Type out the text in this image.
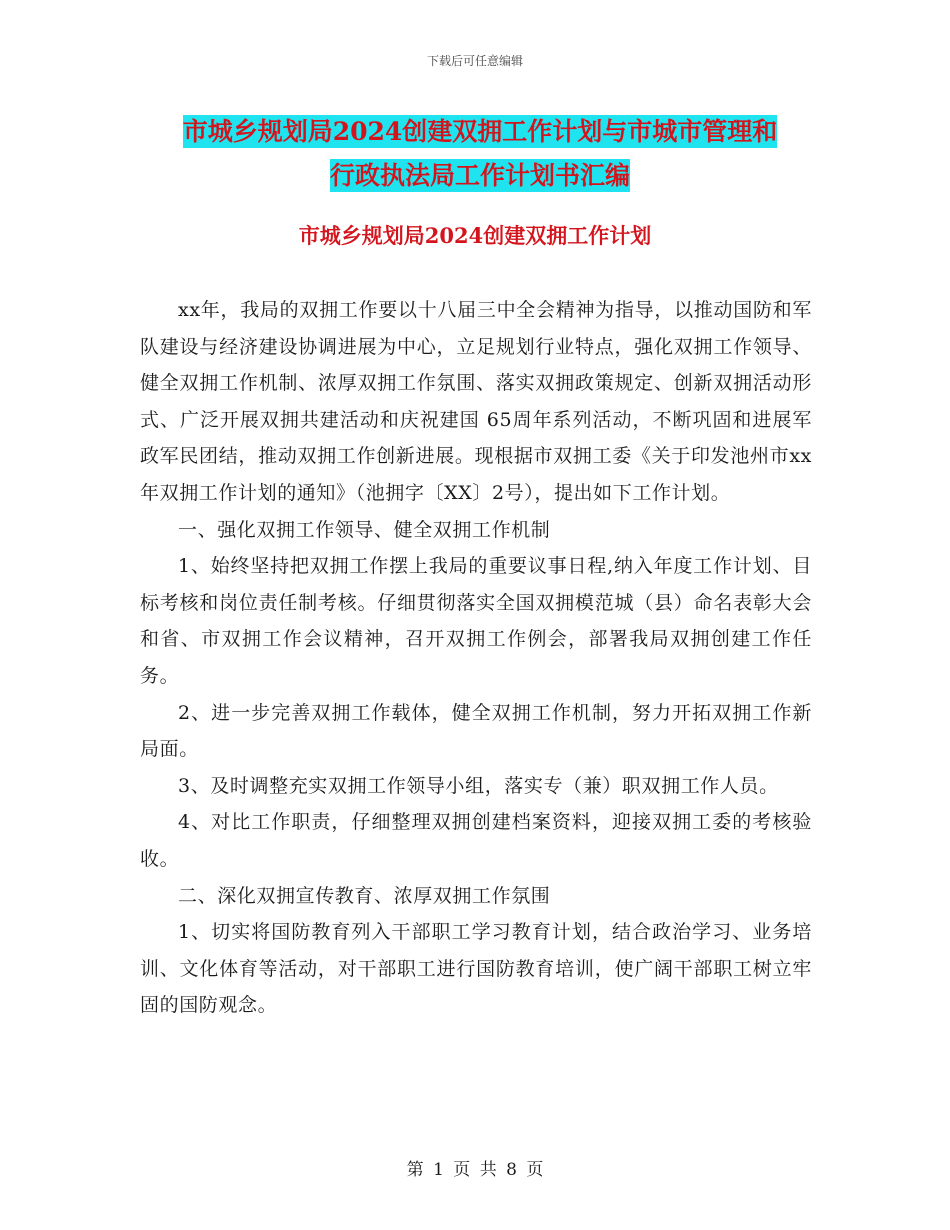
下载后可任意编辑
市城乡规划局2024创建双拥工作计划与市城市管理和
行政执法局工作计划书汇编
市城乡规划局2024创建双拥工作计划

xx年，我局的双拥工作要以十八届三中全会精神为指导，以推动国防和军队建设与经济建设协调进展为中心，立足规划行业特点，强化双拥工作领导、健全双拥工作机制、浓厚双拥工作氛围、落实双拥政策规定、创新双拥活动形式、广泛开展双拥共建活动和庆祝建国 65周年系列活动，不断巩固和进展军政军民团结，推动双拥工作创新进展。现根据市双拥工委《关于印发池州市xx年双拥工作计划的通知》（池拥字〔XX〕2号），提出如下工作计划。

一、强化双拥工作领导、健全双拥工作机制

1、始终坚持把双拥工作摆上我局的重要议事日程,纳入年度工作计划、目标考核和岗位责任制考核。仔细贯彻落实全国双拥模范城（县）命名表彰大会和省、市双拥工作会议精神，召开双拥工作例会，部署我局双拥创建工作任务。

2、进一步完善双拥工作载体，健全双拥工作机制，努力开拓双拥工作新局面。

3、及时调整充实双拥工作领导小组，落实专（兼）职双拥工作人员。

4、对比工作职责，仔细整理双拥创建档案资料，迎接双拥工委的考核验收。

二、深化双拥宣传教育、浓厚双拥工作氛围

1、切实将国防教育列入干部职工学习教育计划，结合政治学习、业务培训、文化体育等活动，对干部职工进行国防教育培训，使广阔干部职工树立牢固的国防观念。

第 1 页 共 8 页
